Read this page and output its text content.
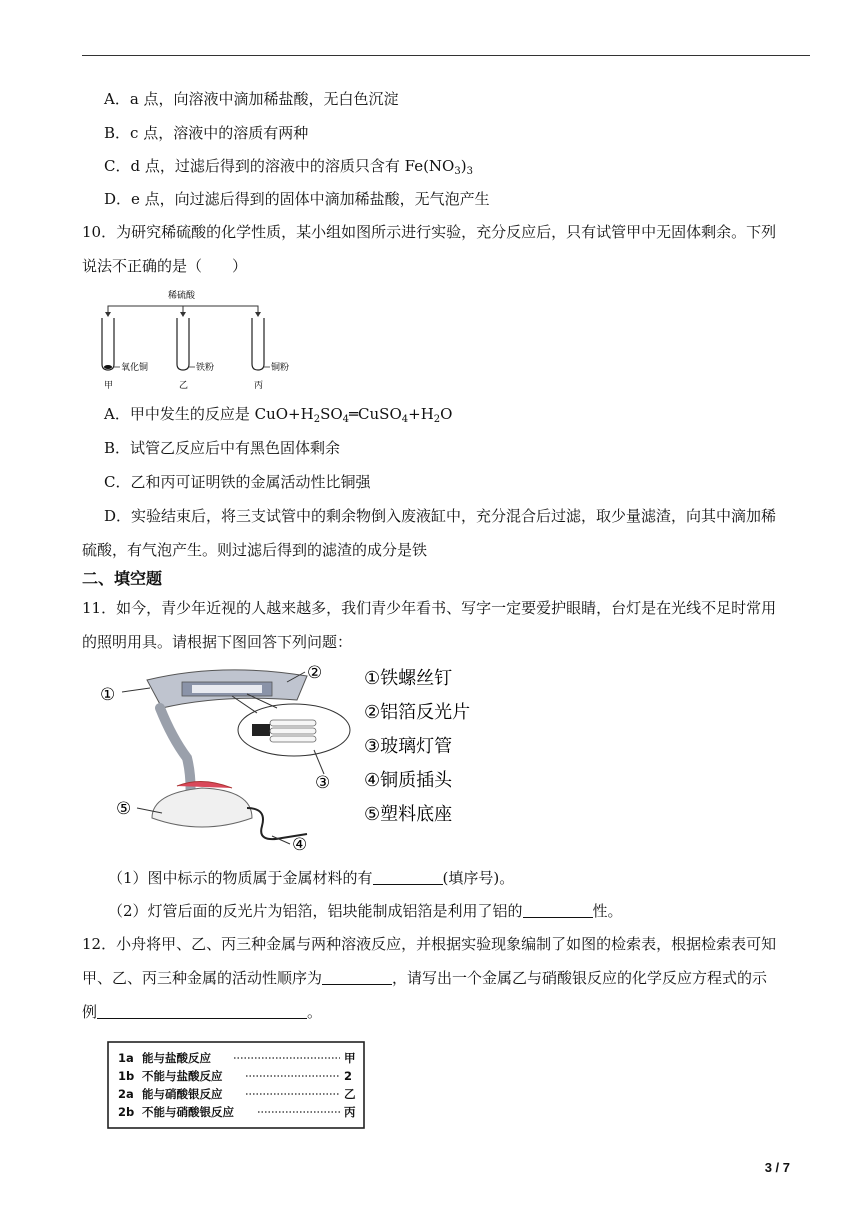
A．a 点，向溶液中滴加稀盐酸，无白色沉淀
B．c 点，溶液中的溶质有两种
C．d 点，过滤后得到的溶液中的溶质只含有 $Fe(NO_3)_3$
D．e 点，向过滤后得到的固体中滴加稀盐酸，无气泡产生
10．为研究稀硫酸的化学性质，某小组如图所示进行实验，充分反应后，只有试管甲中无固体剩余。下列
说法不正确的是（　　）
稀硫酸
氧化铜	铁粉	铜粉
甲	乙	丙
A．甲中发生的反应是 $CuO+H_2SO_4═CuSO_4+H_2O$
B．试管乙反应后中有黑色固体剩余
C．乙和丙可证明铁的金属活动性比铜强
D．实验结束后，将三支试管中的剩余物倒入废液缸中，充分混合后过滤，取少量滤渣，向其中滴加稀
硫酸，有气泡产生。则过滤后得到的滤渣的成分是铁
二、填空题
11．如今，青少年近视的人越来越多，我们青少年看书、写字一定要爱护眼睛，台灯是在光线不足时常用
的照明用具。请根据下图回答下列问题：
①
②
③
④
⑤
①铁螺丝钉
②铝箔反光片
③玻璃灯管
④铜质插头
⑤塑料底座
（1）图中标示的物质属于金属材料的有	(填序号)。
（2）灯管后面的反光片为铝箔，铝块能制成铝箔是利用了铝的	性。
12．小舟将甲、乙、丙三种金属与两种溶液反应，并根据实验现象编制了如图的检索表，根据检索表可知
甲、乙、丙三种金属的活动性顺序为	，请写出一个金属乙与硝酸银反应的化学反应方程式的示
例	。
1a 能与盐酸反应	甲
1b 不能与盐酸反应	2
2a 能与硝酸银反应	乙
2b 不能与硝酸银反应	丙
3 / 7
